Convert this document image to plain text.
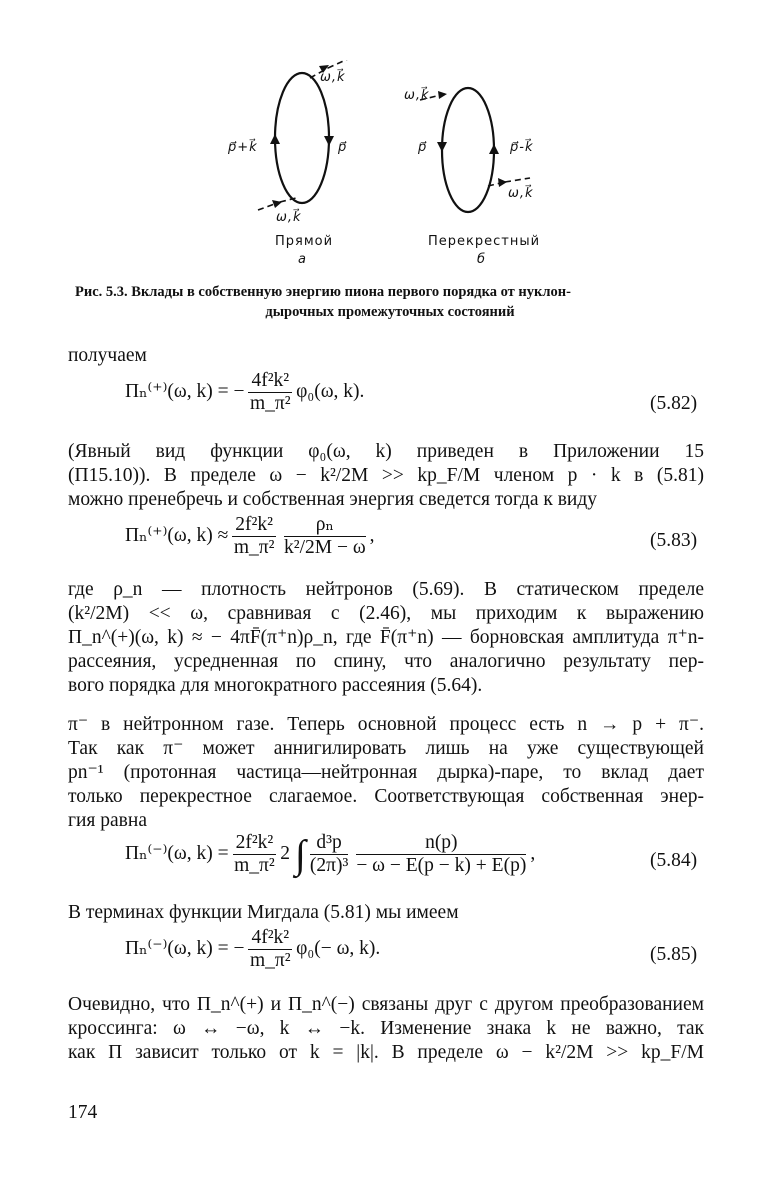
ω,k⃗
p⃗+k⃗	p⃗
ω,k⃗
ω,k⃗
p⃗	p⃗-k⃗
ω,k⃗
Прямой
а
Перекрестный
б
Рис. 5.3. Вклады в собственную энергию пиона первого порядка от нуклон-
дырочных промежуточных состояний
получаем
Πₙ⁽⁺⁾(ω, k) = − $\frac{\text{4f²k²}}{\text{m\_π²}} \varphi_0(\omega$, k).
(5.82)
(Явный вид функции φ₀(ω, k) приведен в Приложении 15
(П15.10)). В пределе ω − k²/2M >> kp_F/M членом p · k в (5.81)
можно пренебречь и собственная энергия сведется тогда к виду
Πₙ⁽⁺⁾(ω, $k) \approx \frac{\text{2f²k²}}{\text{m\_π²}} \frac{\text{ρₙ}}{\text{k²/2M − ω}}$ ,	(5.83)
где ρ_n — плотность нейтронов (5.69). В статическом пределе
(k²/2M) << ω, сравнивая с (2.46), мы приходим к выражению
Π_n^(+)(ω, k) ≈ − 4πF̄(π⁺n)ρ_n, где F̄(π⁺n) — борновская амплитуда π⁺n-
рассеяния, усредненная по спину, что аналогично результату пер-
вого порядка для многократного рассеяния (5.64).
π⁻ в нейтронном газе. Теперь основной процесс есть n → p + π⁻.
Так как π⁻ может аннигилировать лишь на уже существующей
pn⁻¹ (протонная частица—нейтронная дырка)-паре, то вклад дает
только перекрестное слагаемое. Соответствующая собственная энер-
гия равна
Πₙ⁽⁻⁾(ω, $k) = \frac{\text{2f²k²}}{\text{m\_π²}} 2$ ∫ $\frac{\text{d³p}}{\text{(2π)³}} \frac{n(p)}{- \omega - E(p - k) + E(p)}$ ,	(5.84)
В терминах функции Мигдала (5.81) мы имеем
Πₙ⁽⁻⁾(ω, k) = − $\frac{\text{4f²k²}}{\text{m\_π²}} \varphi_0(- \omega$, k).	(5.85)
Очевидно, что Π_n^(+) и Π_n^(−) связаны друг с другом преобразованием
кроссинга: ω ↔ −ω, k ↔ −k. Изменение знака k не важно, так
как Π зависит только от k = |k|. В пределе ω − k²/2M >> kp_F/M
174
